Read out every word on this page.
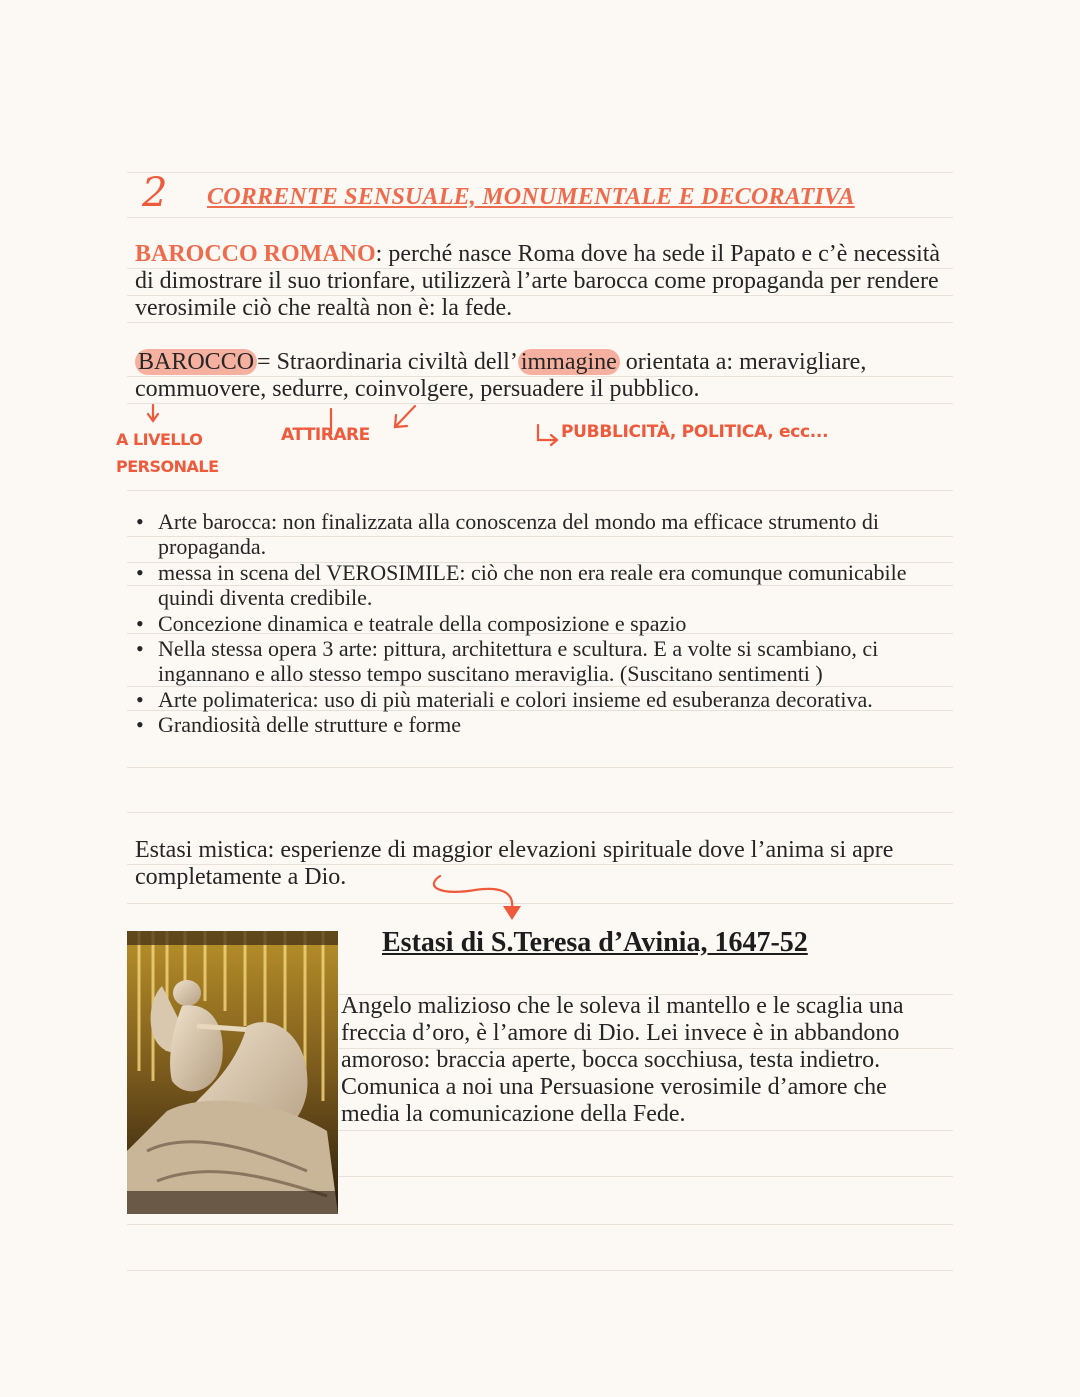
2 CORRENTE SENSUALE, MONUMENTALE E DECORATIVA
BAROCCO ROMANO: perché nasce Roma dove ha sede il Papato e c’è necessità di dimostrare il suo trionfare, utilizzerà l’arte barocca come propaganda per rendere verosimile ciò che realtà non è: la fede.
BAROCCO = Straordinaria civiltà dell’ immagine orientata a: meravigliare, commuovere, sedurre, coinvolgere, persuadere il pubblico.
A LIVELLO PERSONALE
ATTIRARE	PUBBLICITÀ, POLITICA, ecc...
• Arte barocca: non finalizzata alla conoscenza del mondo ma efficace strumento di propaganda.
• messa in scena del VEROSIMILE: ciò che non era reale era comunque comunicabile quindi diventa credibile.
• Concezione dinamica e teatrale della composizione e spazio
• Nella stessa opera 3 arte: pittura, architettura e scultura. E a volte si scambiano, ci ingannano e allo stesso tempo suscitano meraviglia. (Suscitano sentimenti )
• Arte polimaterica: uso di più materiali e colori insieme ed esuberanza decorativa.
• Grandiosità delle strutture e forme
Estasi mistica: esperienze di maggior elevazioni spirituale dove l’anima si apre completamente a Dio.
Estasi di S.Teresa d’Avinia, 1647-52
Angelo malizioso che le soleva il mantello e le scaglia una freccia d’oro, è l’amore di Dio. Lei invece è in abbandono amoroso: braccia aperte, bocca socchiusa, testa indietro. Comunica a noi una Persuasione verosimile d’amore che media la comunicazione della Fede.
